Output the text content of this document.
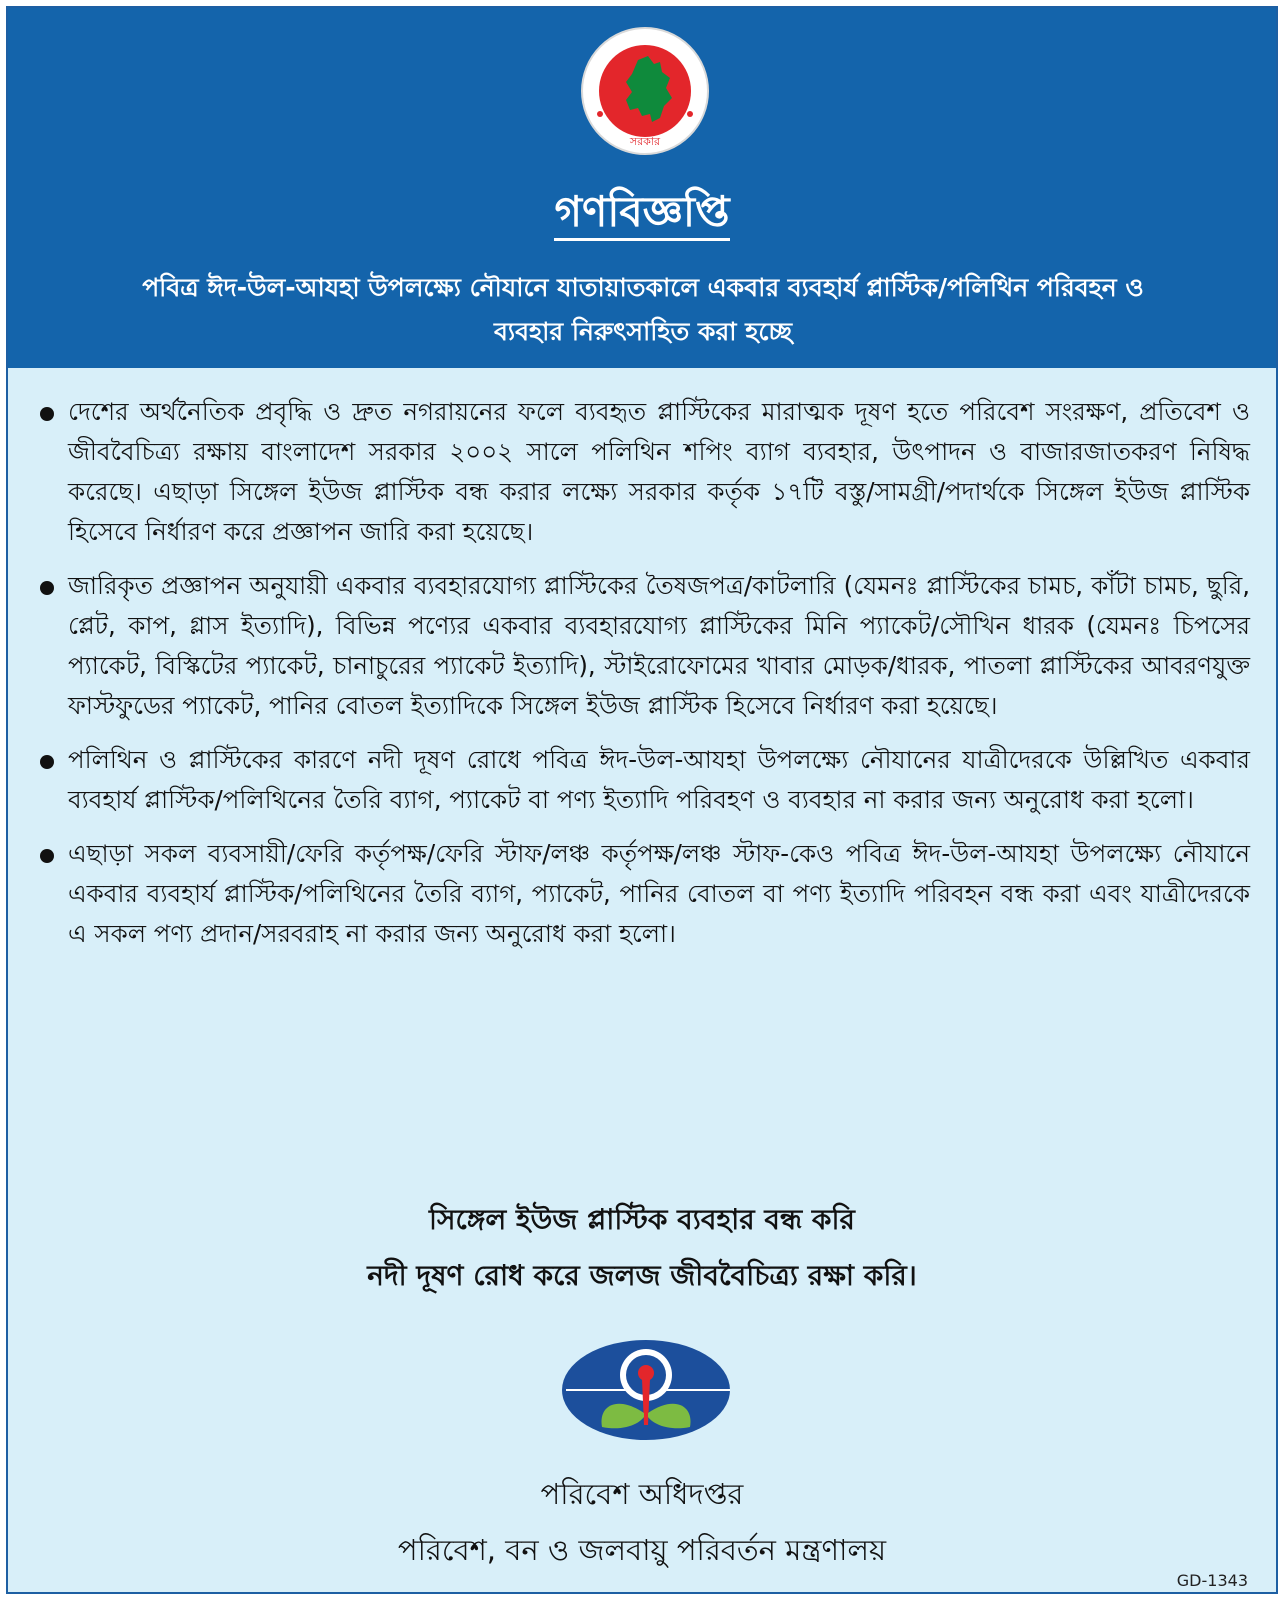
সরকার
গণবিজ্ঞপ্তি
পবিত্র ঈদ-উল-আযহা উপলক্ষ্যে নৌযানে যাতায়াতকালে একবার ব্যবহার্য প্লাস্টিক/পলিথিন পরিবহন ও
ব্যবহার নিরুৎসাহিত করা হচ্ছে
দেশের অর্থনৈতিক প্রবৃদ্ধি ও দ্রুত নগরায়নের ফলে ব্যবহৃত প্লাস্টিকের মারাত্মক দূষণ হতে পরিবেশ সংরক্ষণ, প্রতিবেশ ও জীববৈচিত্র্য রক্ষায় বাংলাদেশ সরকার ২০০২ সালে পলিথিন শপিং ব্যাগ ব্যবহার, উৎপাদন ও বাজারজাতকরণ নিষিদ্ধ করেছে। এছাড়া সিঙ্গেল ইউজ প্লাস্টিক বন্ধ করার লক্ষ্যে সরকার কর্তৃক ১৭টি বস্তু/সামগ্রী/পদার্থকে সিঙ্গেল ইউজ প্লাস্টিক হিসেবে নির্ধারণ করে প্রজ্ঞাপন জারি করা হয়েছে।
জারিকৃত প্রজ্ঞাপন অনুযায়ী একবার ব্যবহারযোগ্য প্লাস্টিকের তৈষজপত্র/কাটলারি (যেমনঃ প্লাস্টিকের চামচ, কাঁটা চামচ, ছুরি, প্লেট, কাপ, গ্লাস ইত্যাদি), বিভিন্ন পণ্যের একবার ব্যবহারযোগ্য প্লাস্টিকের মিনি প্যাকেট/সৌখিন ধারক (যেমনঃ চিপসের প্যাকেট, বিস্কিটের প্যাকেট, চানাচুরের প্যাকেট ইত্যাদি), স্টাইরোফোমের খাবার মোড়ক/ধারক, পাতলা প্লাস্টিকের আবরণযুক্ত ফাস্টফুডের প্যাকেট, পানির বোতল ইত্যাদিকে সিঙ্গেল ইউজ প্লাস্টিক হিসেবে নির্ধারণ করা হয়েছে।
পলিথিন ও প্লাস্টিকের কারণে নদী দূষণ রোধে পবিত্র ঈদ-উল-আযহা উপলক্ষ্যে নৌযানের যাত্রীদেরকে উল্লিখিত একবার ব্যবহার্য প্লাস্টিক/পলিথিনের তৈরি ব্যাগ, প্যাকেট বা পণ্য ইত্যাদি পরিবহণ ও ব্যবহার না করার জন্য অনুরোধ করা হলো।
এছাড়া সকল ব্যবসায়ী/ফেরি কর্তৃপক্ষ/ফেরি স্টাফ/লঞ্চ কর্তৃপক্ষ/লঞ্চ স্টাফ-কেও পবিত্র ঈদ-উল-আযহা উপলক্ষ্যে নৌযানে একবার ব্যবহার্য প্লাস্টিক/পলিথিনের তৈরি ব্যাগ, প্যাকেট, পানির বোতল বা পণ্য ইত্যাদি পরিবহন বন্ধ করা এবং যাত্রীদেরকে এ সকল পণ্য প্রদান/সরবরাহ না করার জন্য অনুরোধ করা হলো।
সিঙ্গেল ইউজ প্লাস্টিক ব্যবহার বন্ধ করি
নদী দূষণ রোধ করে জলজ জীববৈচিত্র্য রক্ষা করি।
পরিবেশ অধিদপ্তর
পরিবেশ, বন ও জলবায়ু পরিবর্তন মন্ত্রণালয়
GD-1343
